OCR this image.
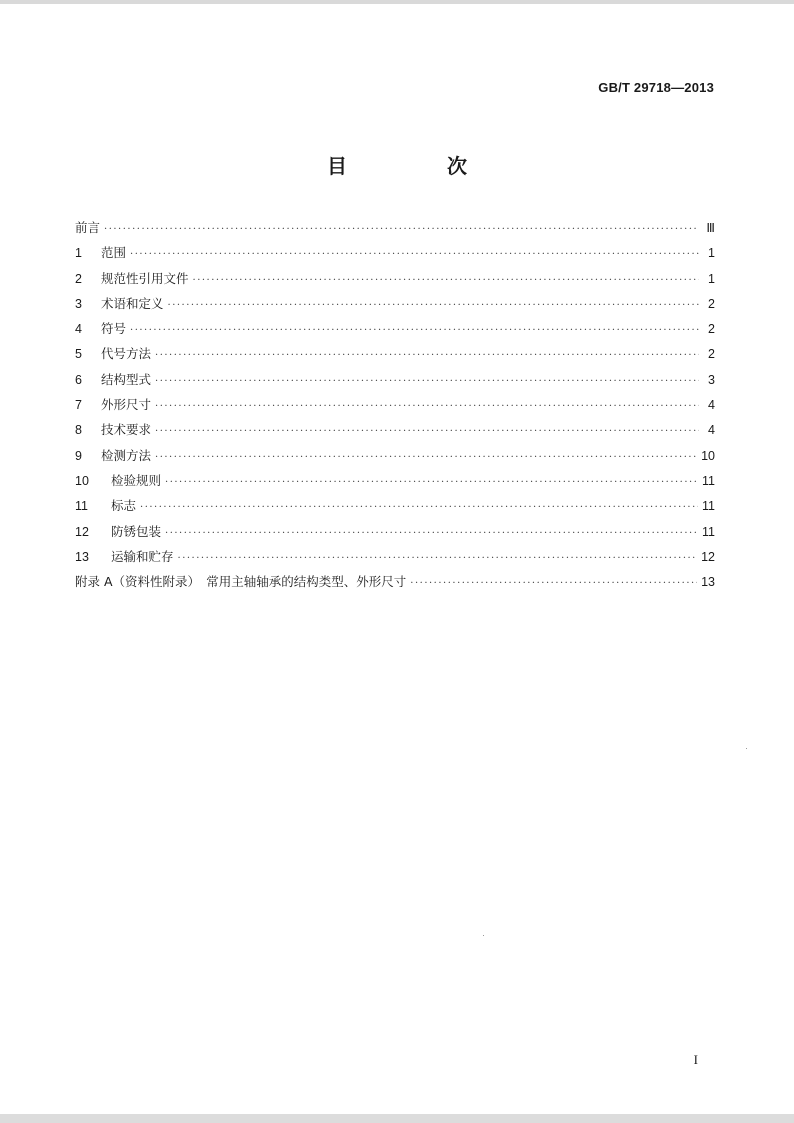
GB/T 29718—2013
目　次
前言 ·····	Ⅲ
1	范围 ·····	1
2	规范性引用文件 ·····	1
3	术语和定义 ·····	2
4	符号 ·····	2
5	代号方法 ·····	2
6	结构型式 ·····	3
7	外形尺寸 ·····	4
8	技术要求 ·····	4
9	检测方法 ·····	10
10	检验规则 ·····	11
11	标志 ·····	11
12	防锈包装 ·····	11
13	运输和贮存 ·····	12
附录 A（资料性附录）　常用主轴轴承的结构类型、外形尺寸 ·····	13
I
